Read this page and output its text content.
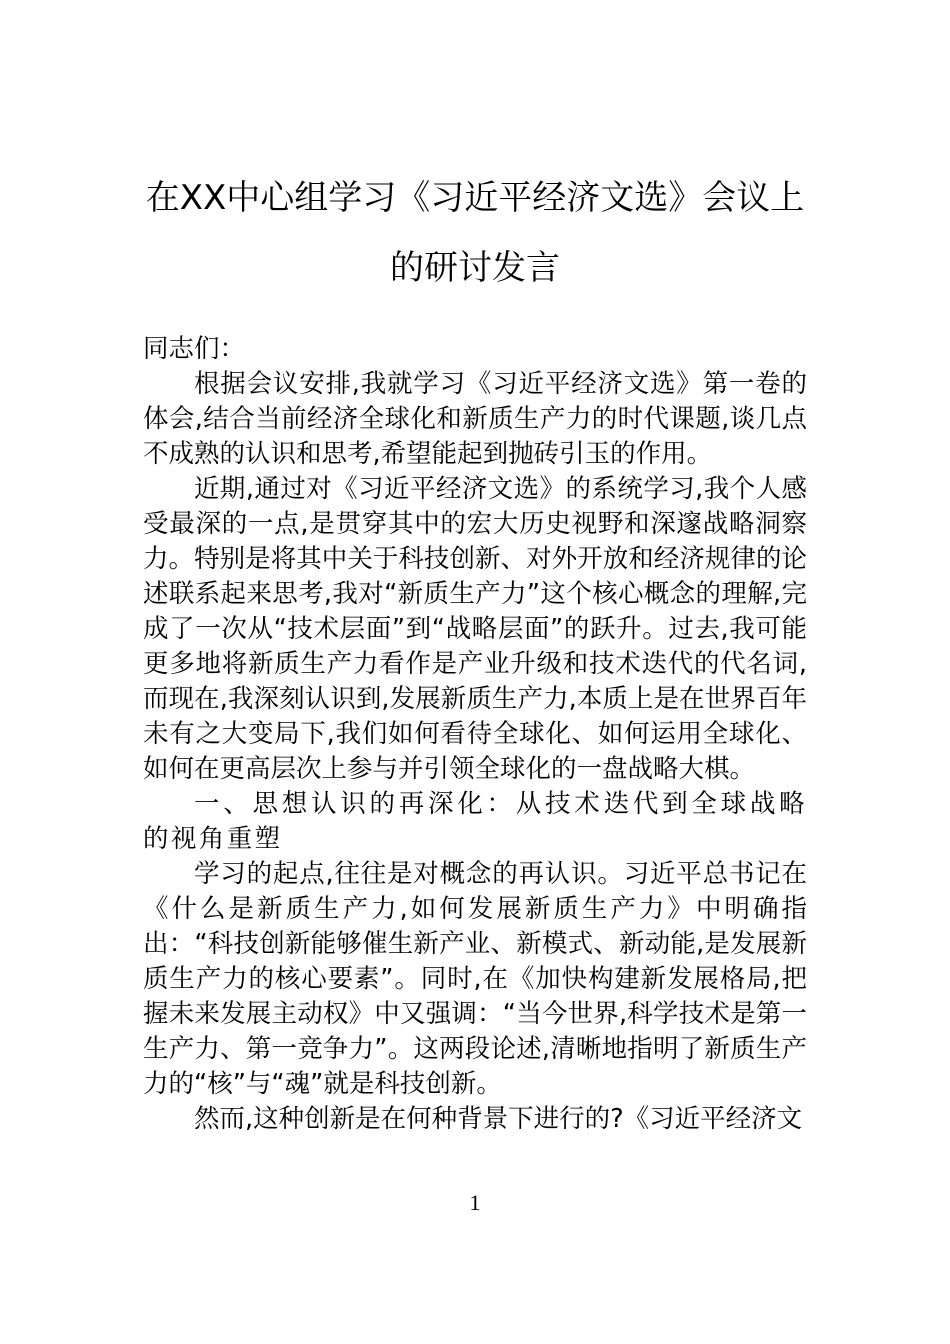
在XX中心组学习《习近平经济文选》会议上的研讨发言

同志们：

根据会议安排,我就学习《习近平经济文选》第一卷的体会,结合当前经济全球化和新质生产力的时代课题,谈几点不成熟的认识和思考,希望能起到抛砖引玉的作用。

近期,通过对《习近平经济文选》的系统学习,我个人感受最深的一点,是贯穿其中的宏大历史视野和深邃战略洞察力。特别是将其中关于科技创新、对外开放和经济规律的论述联系起来思考,我对“新质生产力”这个核心概念的理解,完成了一次从“技术层面”到“战略层面”的跃升。过去,我可能更多地将新质生产力看作是产业升级和技术迭代的代名词,而现在,我深刻认识到,发展新质生产力,本质上是在世界百年未有之大变局下,我们如何看待全球化、如何运用全球化、如何在更高层次上参与并引领全球化的一盘战略大棋。

一、思想认识的再深化：从技术迭代到全球战略的视角重塑

学习的起点,往往是对概念的再认识。习近平总书记在《什么是新质生产力,如何发展新质生产力》中明确指出：“科技创新能够催生新产业、新模式、新动能,是发展新质生产力的核心要素”。同时,在《加快构建新发展格局,把握未来发展主动权》中又强调：“当今世界,科学技术是第一生产力、第一竞争力”。这两段论述,清晰地指明了新质生产力的“核”与“魂”就是科技创新。

然而,这种创新是在何种背景下进行的?《习近平经济文

1
